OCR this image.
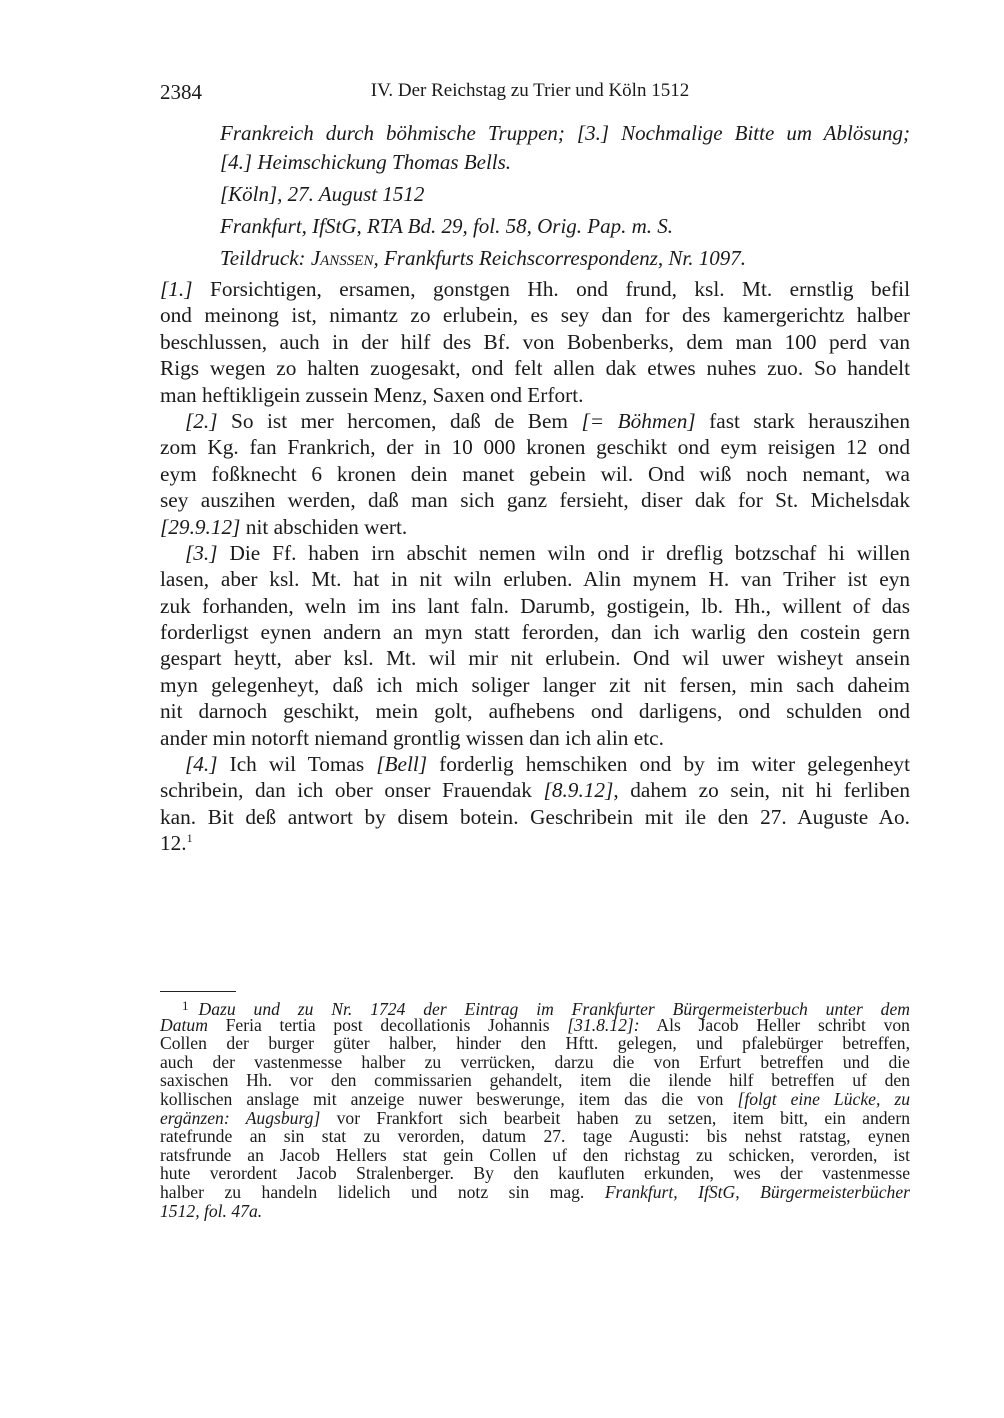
2384	IV. Der Reichstag zu Trier und Köln 1512
Frankreich durch böhmische Truppen; [3.] Nochmalige Bitte um Ablösung;
[4.] Heimschickung Thomas Bells.
[Köln], 27. August 1512
Frankfurt, IfStG, RTA Bd. 29, fol. 58, Orig. Pap. m. S.
Teildruck: Janssen, Frankfurts Reichscorrespondenz, Nr. 1097.
[1.] Forsichtigen, ersamen, gonstgen Hh. ond frund, ksl. Mt. ernstlig befil
ond meinong ist, nimantz zo erlubein, es sey dan for des kamergerichtz halber
beschlussen, auch in der hilf des Bf. von Bobenberks, dem man 100 perd van
Rigs wegen zo halten zuogesakt, ond felt allen dak etwes nuhes zuo. So handelt
man heftikligein zussein Menz, Saxen ond Erfort.
[2.] So ist mer hercomen, daß de Bem [= Böhmen] fast stark herauszihen
zom Kg. fan Frankrich, der in 10 000 kronen geschikt ond eym reisigen 12 ond
eym foßknecht 6 kronen dein manet gebein wil. Ond wiß noch nemant, wa
sey auszihen werden, daß man sich ganz fersieht, diser dak for St. Michelsdak
[29.9.12] nit abschiden wert.
[3.] Die Ff. haben irn abschit nemen wiln ond ir dreflig botzschaf hi willen
lasen, aber ksl. Mt. hat in nit wiln erluben. Alin mynem H. van Triher ist eyn
zuk forhanden, weln im ins lant faln. Darumb, gostigein, lb. Hh., willent of das
forderligst eynen andern an myn statt ferorden, dan ich warlig den costein gern
gespart heytt, aber ksl. Mt. wil mir nit erlubein. Ond wil uwer wisheyt ansein
myn gelegenheyt, daß ich mich soliger langer zit nit fersen, min sach daheim
nit darnoch geschikt, mein golt, aufhebens ond darligens, ond schulden ond
ander min notorft niemand grontlig wissen dan ich alin etc.
[4.] Ich wil Tomas [Bell] forderlig hemschiken ond by im witer gelegenheyt
schribein, dan ich ober onser Frauendak [8.9.12], dahem zo sein, nit hi ferliben
kan. Bit deß antwort by disem botein. Geschribein mit ile den 27. Auguste Ao.
12.$^1$
$^1$ Dazu und zu Nr. 1724 der Eintrag im Frankfurter Bürgermeisterbuch unter dem
Datum Feria tertia post decollationis Johannis [31.8.12]: Als Jacob Heller schribt von
Collen der burger güter halber, hinder den Hftt. gelegen, und pfalebürger betreffen,
auch der vastenmesse halber zu verrücken, darzu die von Erfurt betreffen und die
saxischen Hh. vor den commissarien gehandelt, item die ilende hilf betreffen uf den
kollischen anslage mit anzeige nuwer beswerunge, item das die von [folgt eine Lücke, zu
ergänzen: Augsburg] vor Frankfort sich bearbeit haben zu setzen, item bitt, ein andern
ratefrunde an sin stat zu verorden, datum 27. tage Augusti: bis nehst ratstag, eynen
ratsfrunde an Jacob Hellers stat gein Collen uf den richstag zu schicken, verorden, ist
hute verordent Jacob Stralenberger. By den kaufluten erkunden, wes der vastenmesse
halber zu handeln lidelich und notz sin mag. Frankfurt, IfStG, Bürgermeisterbücher
1512, fol. 47a.
